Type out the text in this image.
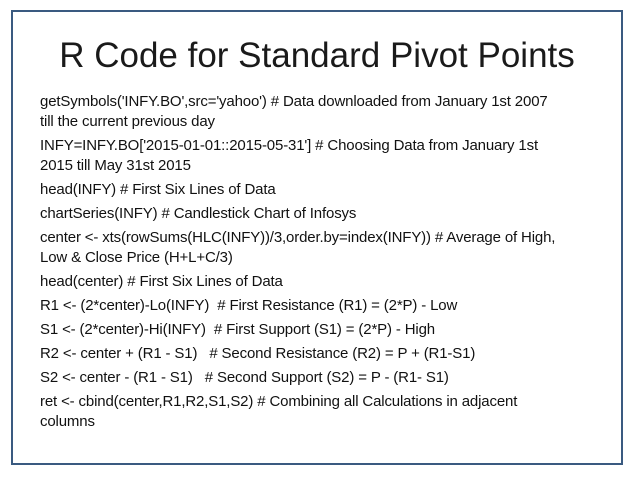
R Code for Standard Pivot Points
getSymbols('INFY.BO',src='yahoo') # Data downloaded from January 1st 2007
till the current previous day
INFY=INFY.BO['2015-01-01::2015-05-31'] # Choosing Data from January 1st
2015 till May 31st 2015
head(INFY) # First Six Lines of Data
chartSeries(INFY) # Candlestick Chart of Infosys
center <- xts(rowSums(HLC(INFY))/3,order.by=index(INFY)) # Average of High,
Low & Close Price (H+L+C/3)
head(center) # First Six Lines of Data
R1 <- (2*center)-Lo(INFY)  # First Resistance (R1) = (2*P) - Low
S1 <- (2*center)-Hi(INFY)  # First Support (S1) = (2*P) - High
R2 <- center + (R1 - S1)   # Second Resistance (R2) = P + (R1-S1)
S2 <- center - (R1 - S1)   # Second Support (S2) = P - (R1- S1)
ret <- cbind(center,R1,R2,S1,S2) # Combining all Calculations in adjacent
columns
